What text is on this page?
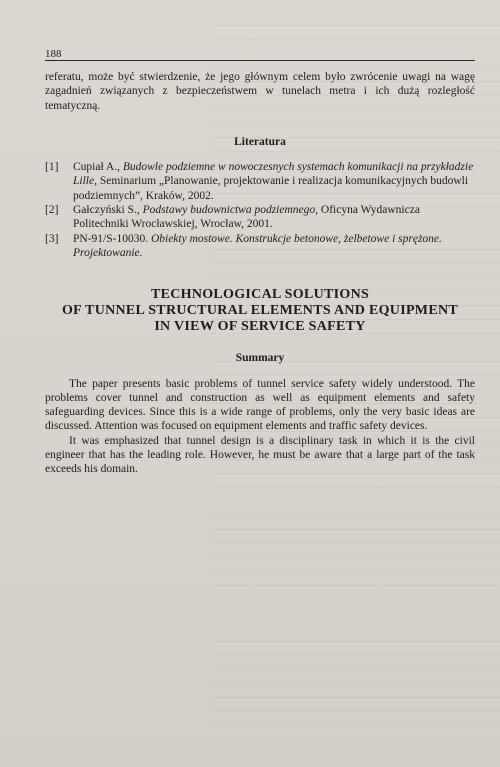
188

referatu, może być stwierdzenie, że jego głównym celem było zwrócenie uwagi na wagę zagadnień związanych z bezpieczeństwem w tunelach metra i ich dużą rozległość tematyczną.

Literatura
[1] Cupiał A., Budowle podziemne w nowoczesnych systemach komunikacji na przykładzie Lille, Seminarium „Planowanie, projektowanie i realizacja komunikacyjnych budowli podziemnych”, Kraków, 2002.
[2] Gałczyński S., Podstawy budownictwa podziemnego, Oficyna Wydawnicza Politechniki Wrocławskiej, Wrocław, 2001.
[3] PN-91/S-10030. Obiekty mostowe. Konstrukcje betonowe, żelbetowe i sprężone. Projektowanie.
TECHNOLOGICAL SOLUTIONS
OF TUNNEL STRUCTURAL ELEMENTS AND EQUIPMENT
IN VIEW OF SERVICE SAFETY
Summary

The paper presents basic problems of tunnel service safety widely understood. The problems cover tunnel and construction as well as equipment elements and safety safeguarding devices. Since this is a wide range of problems, only the very basic ideas are discussed. Attention was focused on equipment elements and traffic safety devices.

It was emphasized that tunnel design is a disciplinary task in which it is the civil engineer that has the leading role. However, he must be aware that a large part of the task exceeds his domain.
